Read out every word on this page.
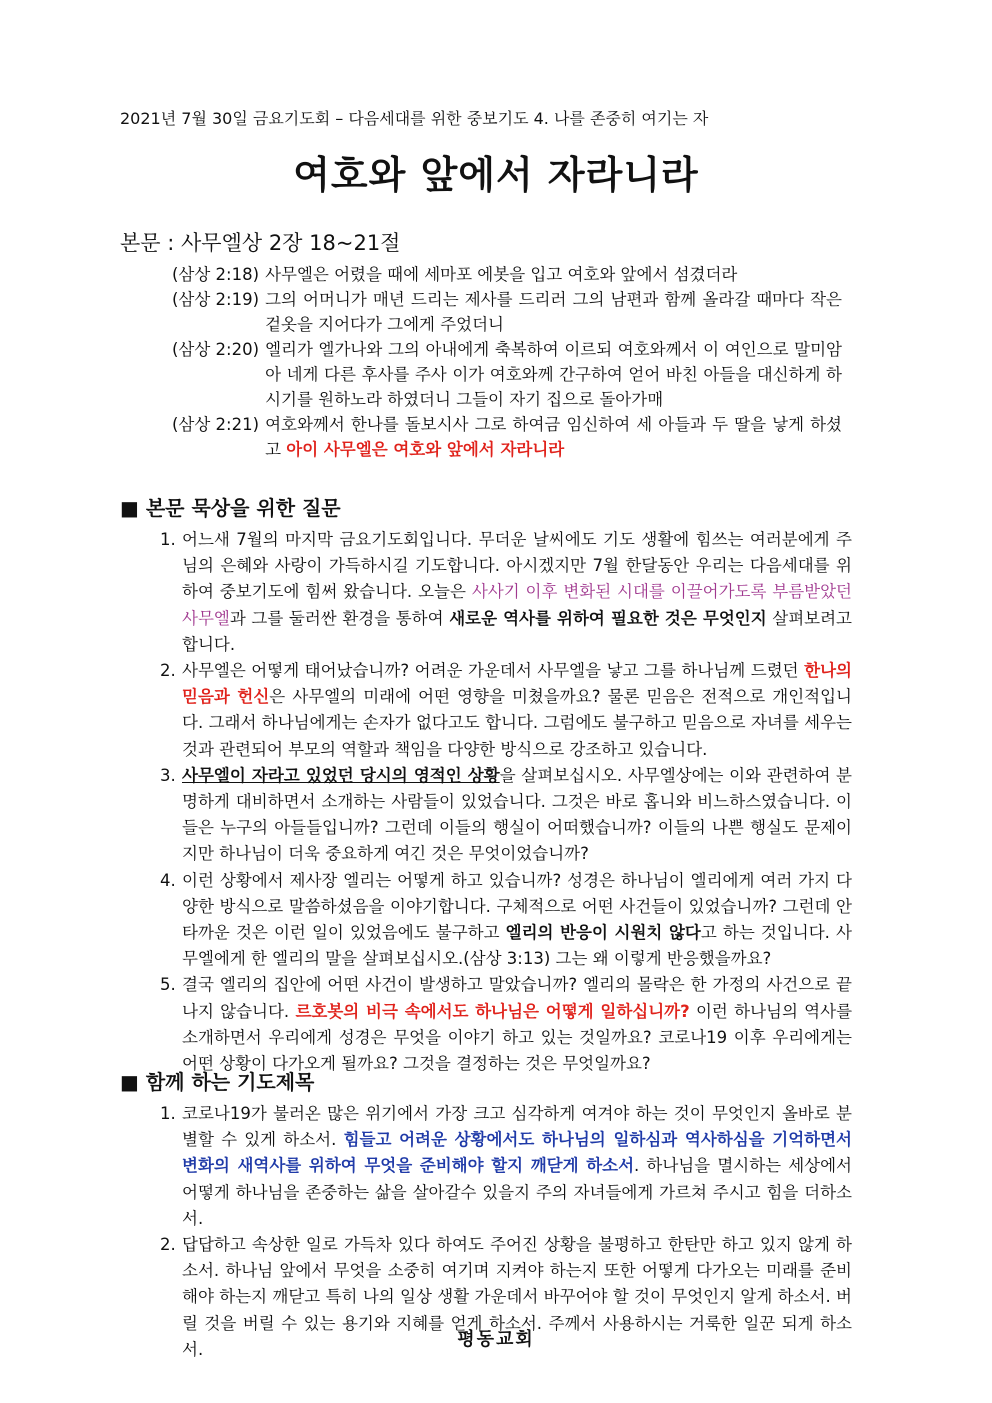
2021년 7월 30일 금요기도회 – 다음세대를 위한 중보기도 4. 나를 존중히 여기는 자
여호와 앞에서 자라니라
본문 : 사무엘상 2장 18~21절
(삼상 2:18) 사무엘은 어렸을 때에 세마포 에봇을 입고 여호와 앞에서 섬겼더라
(삼상 2:19) 그의 어머니가 매년 드리는 제사를 드리러 그의 남편과 함께 올라갈 때마다 작은 겉옷을 지어다가 그에게 주었더니
(삼상 2:20) 엘리가 엘가나와 그의 아내에게 축복하여 이르되 여호와께서 이 여인으로 말미암아 네게 다른 후사를 주사 이가 여호와께 간구하여 얻어 바친 아들을 대신하게 하시기를 원하노라 하였더니 그들이 자기 집으로 돌아가매
(삼상 2:21) 여호와께서 한나를 돌보시사 그로 하여금 임신하여 세 아들과 두 딸을 낳게 하셨고 아이 사무엘은 여호와 앞에서 자라니라
■ 본문 묵상을 위한 질문
1. 어느새 7월의 마지막 금요기도회입니다. 무더운 날씨에도 기도 생활에 힘쓰는 여러분에게 주님의 은혜와 사랑이 가득하시길 기도합니다. 아시겠지만 7월 한달동안 우리는 다음세대를 위하여 중보기도에 힘써 왔습니다. 오늘은 사사기 이후 변화된 시대를 이끌어가도록 부름받았던 사무엘과 그를 둘러싼 환경을 통하여 새로운 역사를 위하여 필요한 것은 무엇인지 살펴보려고 합니다.
2. 사무엘은 어떻게 태어났습니까? 어려운 가운데서 사무엘을 낳고 그를 하나님께 드렸던 한나의 믿음과 헌신은 사무엘의 미래에 어떤 영향을 미쳤을까요? 물론 믿음은 전적으로 개인적입니다. 그래서 하나님에게는 손자가 없다고도 합니다. 그럼에도 불구하고 믿음으로 자녀를 세우는 것과 관련되어 부모의 역할과 책임을 다양한 방식으로 강조하고 있습니다.
3. 사무엘이 자라고 있었던 당시의 영적인 상황을 살펴보십시오. 사무엘상에는 이와 관련하여 분명하게 대비하면서 소개하는 사람들이 있었습니다. 그것은 바로 홉니와 비느하스였습니다. 이들은 누구의 아들들입니까? 그런데 이들의 행실이 어떠했습니까? 이들의 나쁜 행실도 문제이지만 하나님이 더욱 중요하게 여긴 것은 무엇이었습니까?
4. 이런 상황에서 제사장 엘리는 어떻게 하고 있습니까? 성경은 하나님이 엘리에게 여러 가지 다양한 방식으로 말씀하셨음을 이야기합니다. 구체적으로 어떤 사건들이 있었습니까? 그런데 안타까운 것은 이런 일이 있었음에도 불구하고 엘리의 반응이 시원치 않다고 하는 것입니다. 사무엘에게 한 엘리의 말을 살펴보십시오.(삼상 3:13) 그는 왜 이렇게 반응했을까요?
5. 결국 엘리의 집안에 어떤 사건이 발생하고 말았습니까? 엘리의 몰락은 한 가정의 사건으로 끝나지 않습니다. 르호봇의 비극 속에서도 하나님은 어떻게 일하십니까? 이런 하나님의 역사를 소개하면서 우리에게 성경은 무엇을 이야기 하고 있는 것일까요? 코로나19 이후 우리에게는 어떤 상황이 다가오게 될까요? 그것을 결정하는 것은 무엇일까요?
■ 함께 하는 기도제목
1. 코로나19가 불러온 많은 위기에서 가장 크고 심각하게 여겨야 하는 것이 무엇인지 올바로 분별할 수 있게 하소서. 힘들고 어려운 상황에서도 하나님의 일하심과 역사하심을 기억하면서 변화의 새역사를 위하여 무엇을 준비해야 할지 깨닫게 하소서. 하나님을 멸시하는 세상에서 어떻게 하나님을 존중하는 삶을 살아갈수 있을지 주의 자녀들에게 가르쳐 주시고 힘을 더하소서.
2. 답답하고 속상한 일로 가득차 있다 하여도 주어진 상황을 불평하고 한탄만 하고 있지 않게 하소서. 하나님 앞에서 무엇을 소중히 여기며 지켜야 하는지 또한 어떻게 다가오는 미래를 준비해야 하는지 깨닫고 특히 나의 일상 생활 가운데서 바꾸어야 할 것이 무엇인지 알게 하소서. 버릴 것을 버릴 수 있는 용기와 지혜를 얻게 하소서. 주께서 사용하시는 거룩한 일꾼 되게 하소서.	평동교회
